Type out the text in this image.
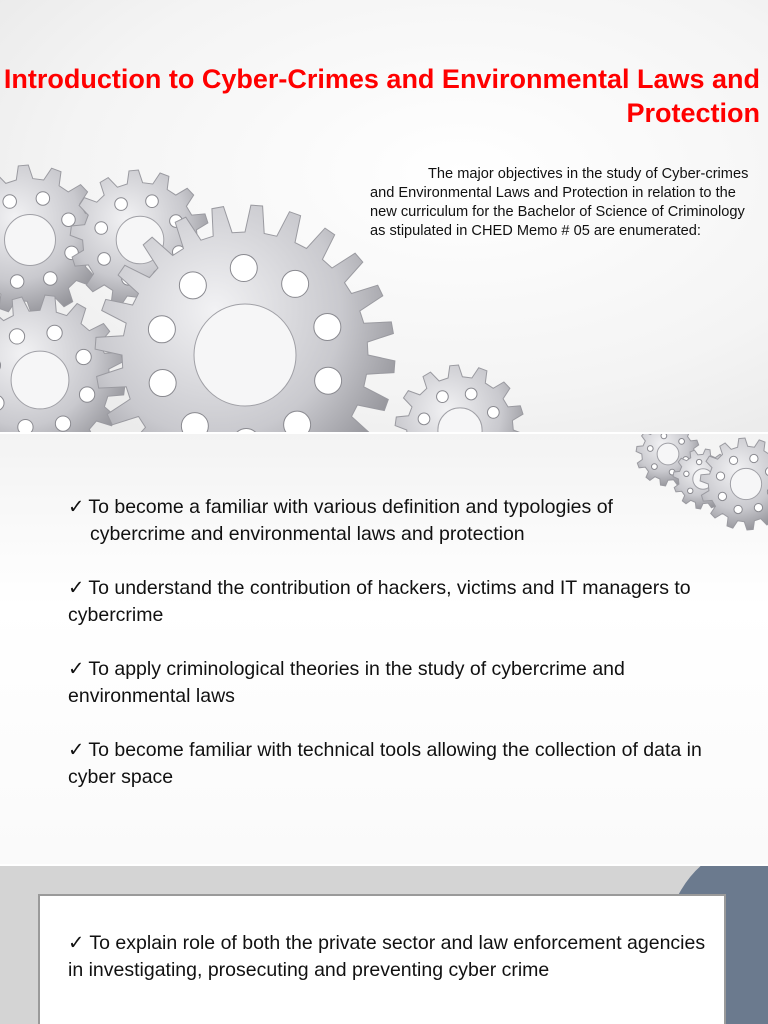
Introduction to Cyber-Crimes and Environmental Laws and Protection

The major objectives in the study of Cyber-crimes and Environmental Laws and Protection in relation to the new curriculum for the Bachelor of Science of Criminology as stipulated in CHED Memo # 05 are enumerated:

✓ To become a familiar with various definition and typologies of cybercrime and environmental laws and protection
✓ To understand the contribution of hackers, victims and IT managers to cybercrime
✓ To apply criminological theories in the study of cybercrime and environmental laws
✓ To become familiar with technical tools allowing the collection of data in cyber space

✓ To explain role of both the private sector and law enforcement agencies in investigating, prosecuting and preventing cyber crime
